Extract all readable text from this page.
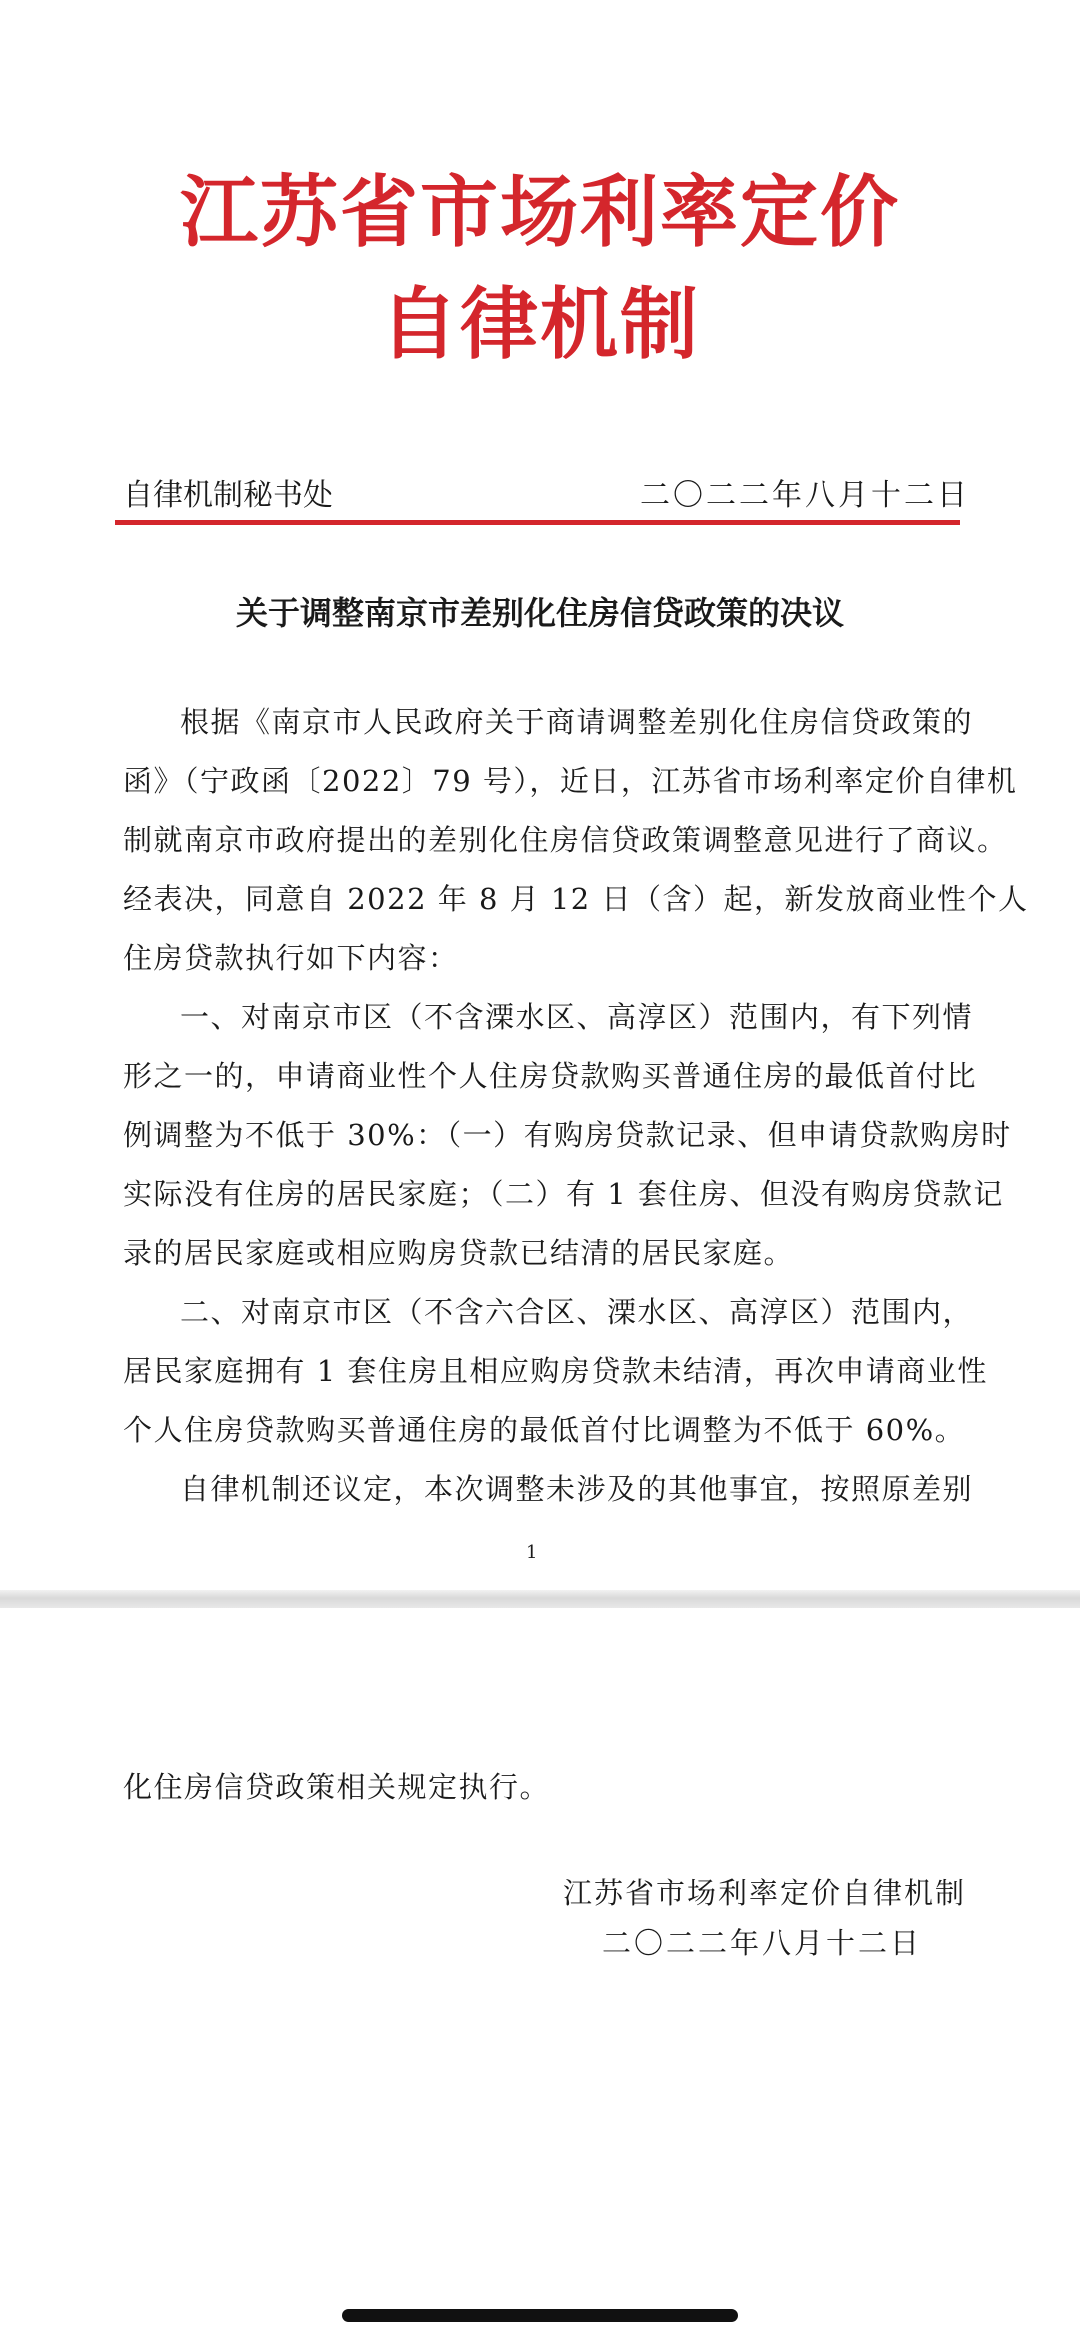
江苏省市场利率定价
自律机制
自律机制秘书处	二〇二二年八月十二日
关于调整南京市差别化住房信贷政策的决议
根据《南京市人民政府关于商请调整差别化住房信贷政策的
函》（宁政函〔2022〕79 号），近日，江苏省市场利率定价自律机
制就南京市政府提出的差别化住房信贷政策调整意见进行了商议。
经表决，同意自 2022 年 8 月 12 日（含）起，新发放商业性个人
住房贷款执行如下内容：
一、对南京市区（不含溧水区、高淳区）范围内，有下列情
形之一的，申请商业性个人住房贷款购买普通住房的最低首付比
例调整为不低于 30%：（一）有购房贷款记录、但申请贷款购房时
实际没有住房的居民家庭；（二）有 1 套住房、但没有购房贷款记
录的居民家庭或相应购房贷款已结清的居民家庭。
二、对南京市区（不含六合区、溧水区、高淳区）范围内，
居民家庭拥有 1 套住房且相应购房贷款未结清，再次申请商业性
个人住房贷款购买普通住房的最低首付比调整为不低于 60%。
自律机制还议定，本次调整未涉及的其他事宜，按照原差别
1
化住房信贷政策相关规定执行。
江苏省市场利率定价自律机制
二〇二二年八月十二日
